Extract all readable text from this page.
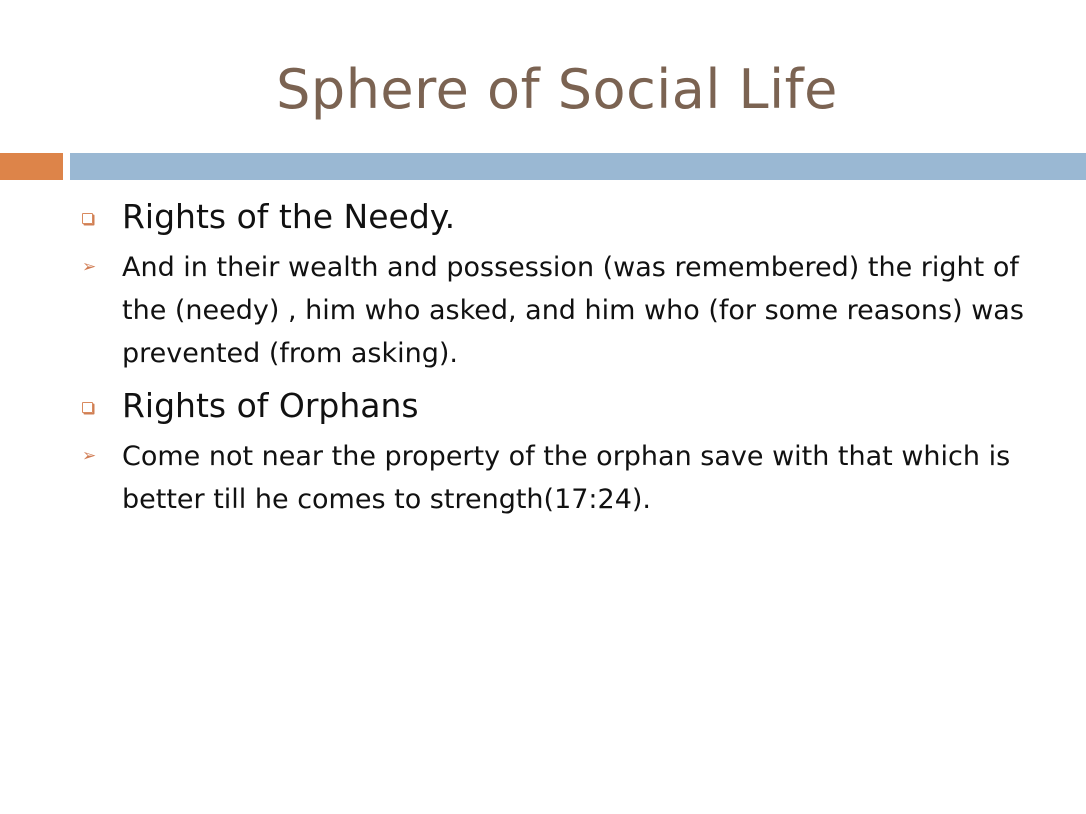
Sphere of Social Life
Rights of the Needy.
➢ And in their wealth and possession (was remembered) the right of the (needy) , him who asked, and him who (for some reasons) was prevented (from asking).
Rights of Orphans
➢ Come not near the property of the orphan save with that which is better till he comes to strength(17:24).
